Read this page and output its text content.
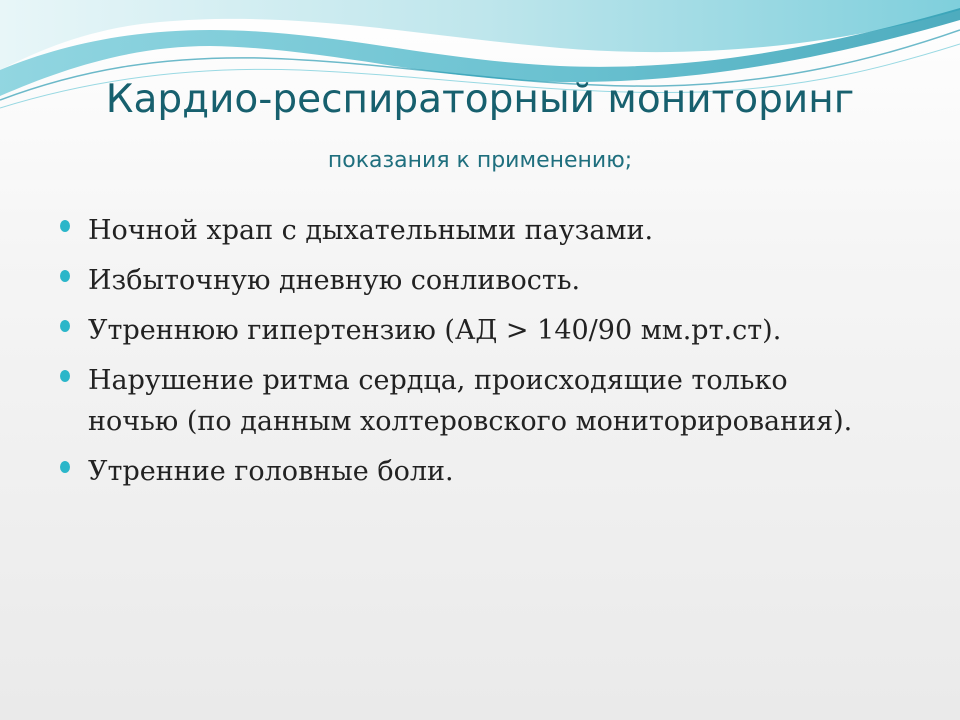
Кардио-респираторный мониторинг
показания к применению;
Ночной храп с дыхательными паузами.
Избыточную дневную сонливость.
Утреннюю гипертензию (АД > 140/90 мм.рт.ст).
Нарушение ритма сердца, происходящие только ночью (по данным холтеровского мониторирования).
Утренние головные боли.
